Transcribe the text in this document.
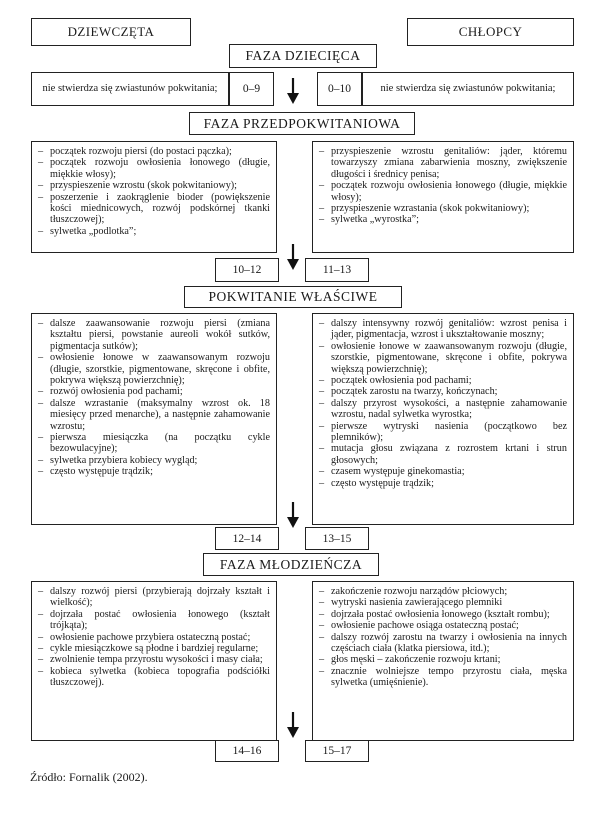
DZIEWCZĘTA	CHŁOPCY
FAZA DZIECIĘCA
nie stwierdza się zwiastunów pokwitania;	0–9	0–10	nie stwierdza się zwiastunów pokwitania;
FAZA PRZEDPOKWITANIOWA
– początek rozwoju piersi (do postaci pączka);
– początek rozwoju owłosienia łonowego (długie, miękkie włosy);
– przyspieszenie wzrostu (skok pokwitaniowy);
– poszerzenie i zaokrąglenie bioder (powiększenie kości miednicowych, rozwój podskórnej tkanki tłuszczowej);
– sylwetka „podlotka”;
– przyspieszenie wzrostu genitaliów: jąder, któremu towarzyszy zmiana zabarwienia moszny, zwiększenie długości i średnicy penisa;
– początek rozwoju owłosienia łonowego (długie, miękkie włosy);
– przyspieszenie wzrastania (skok pokwitaniowy);
– sylwetka „wyrostka”;
10–12	11–13
POKWITANIE WŁAŚCIWE
– dalsze zaawansowanie rozwoju piersi (zmiana kształtu piersi, powstanie aureoli wokół sutków, pigmentacja sutków);
– owłosienie łonowe w zaawansowanym rozwoju (długie, szorstkie, pigmentowane, skręcone i obfite, pokrywa większą powierzchnię);
– rozwój owłosienia pod pachami;
– dalsze wzrastanie (maksymalny wzrost ok. 18 miesięcy przed menarche), a następnie zahamowanie wzrostu;
– pierwsza miesiączka (na początku cykle bezowulacyjne);
– sylwetka przybiera kobiecy wygląd;
– często występuje trądzik;
– dalszy intensywny rozwój genitaliów: wzrost penisa i jąder, pigmentacja, wzrost i ukształtowanie moszny;
– owłosienie łonowe w zaawansowanym rozwoju (długie, szorstkie, pigmentowane, skręcone i obfite, pokrywa większą powierzchnię);
– początek owłosienia pod pachami;
– początek zarostu na twarzy, kończynach;
– dalszy przyrost wysokości, a następnie zahamowanie wzrostu, nadal sylwetka wyrostka;
– pierwsze wytryski nasienia (początkowo bez plemników);
– mutacja głosu związana z rozrostem krtani i strun głosowych;
– czasem występuje ginekomastia;
– często występuje trądzik;
12–14	13–15
FAZA MŁODZIEŃCZA
– dalszy rozwój piersi (przybierają dojrzały kształt i wielkość);
– dojrzała postać owłosienia łonowego (kształt trójkąta);
– owłosienie pachowe przybiera ostateczną postać;
– cykle miesiączkowe są płodne i bardziej regularne;
– zwolnienie tempa przyrostu wysokości i masy ciała;
– kobieca sylwetka (kobieca topografia podściółki tłuszczowej).
– zakończenie rozwoju narządów płciowych;
– wytryski nasienia zawierającego plemniki
– dojrzała postać owłosienia łonowego (kształt rombu);
– owłosienie pachowe osiąga ostateczną postać;
– dalszy rozwój zarostu na twarzy i owłosienia na innych częściach ciała (klatka piersiowa, itd.);
– głos męski – zakończenie rozwoju krtani;
– znacznie wolniejsze tempo przyrostu ciała, męska sylwetka (umięśnienie).
14–16	15–17
Źródło: Fornalik (2002).
